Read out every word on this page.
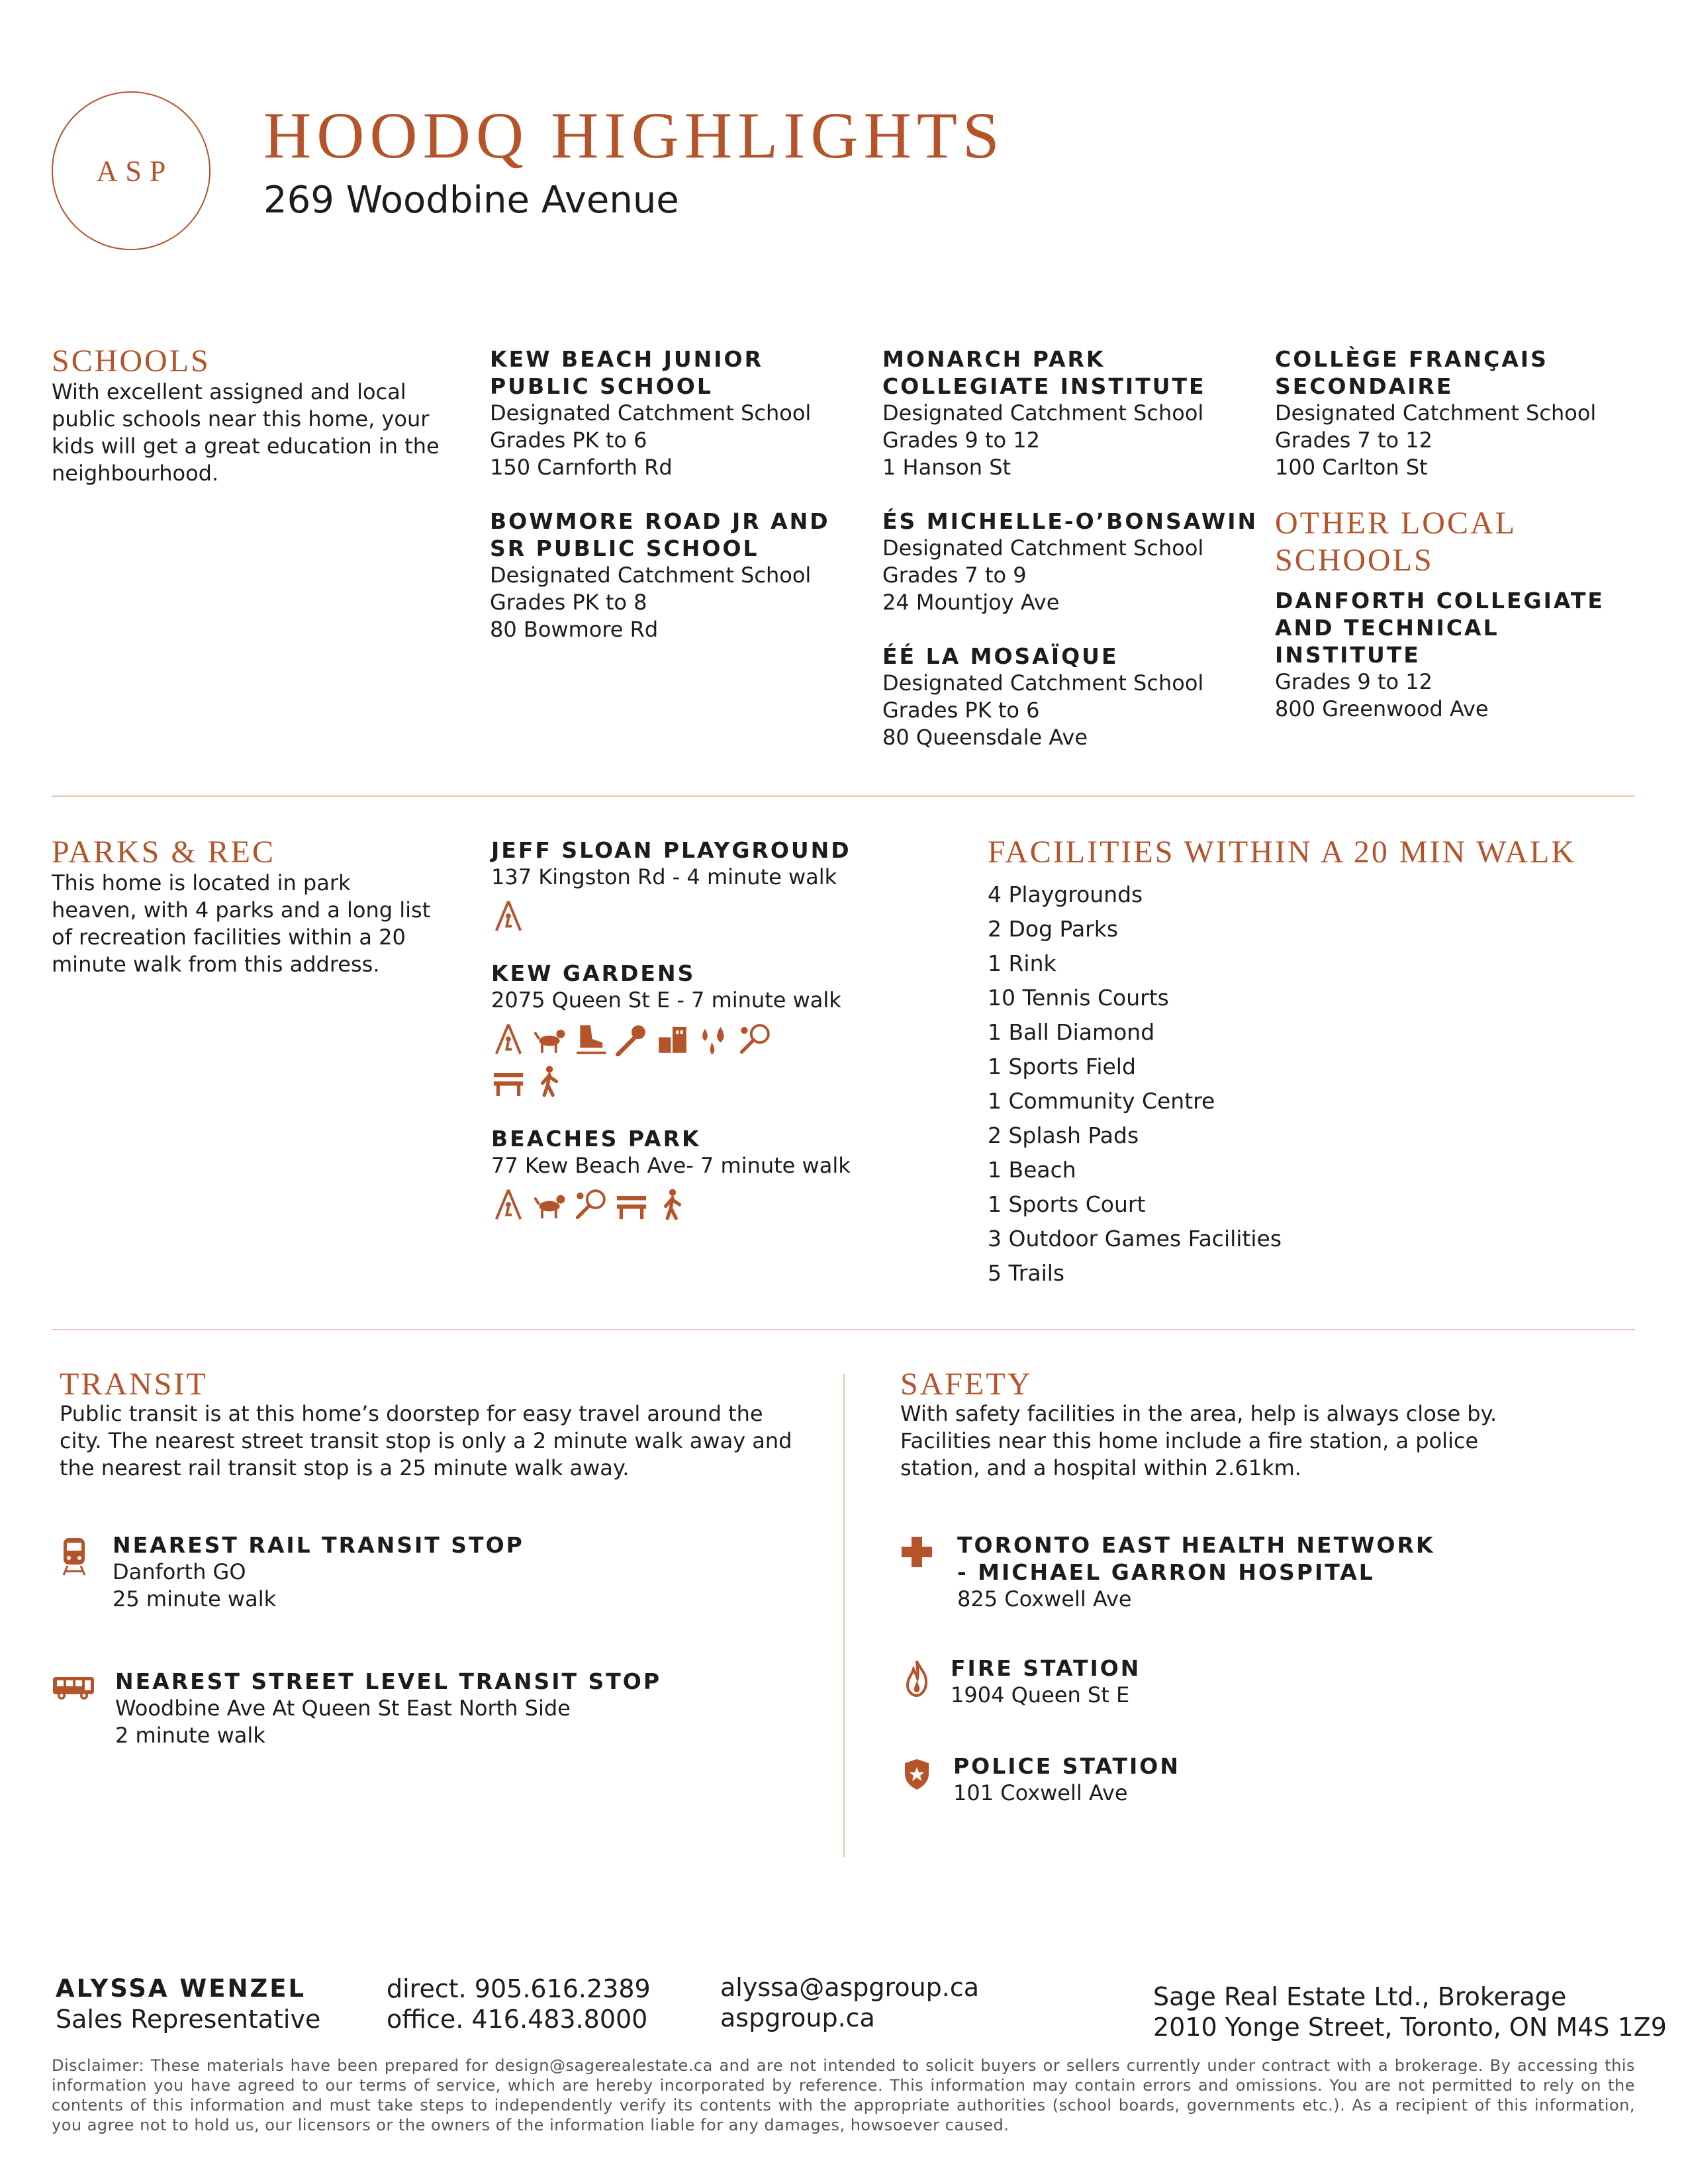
ASP HOODQ HIGHLIGHTS
269 Woodbine Avenue
SCHOOLS
With excellent assigned and local public schools near this home, your kids will get a great education in the neighbourhood.
KEW BEACH JUNIOR PUBLIC SCHOOL
Designated Catchment School
Grades PK to 6
150 Carnforth Rd
BOWMORE ROAD JR AND SR PUBLIC SCHOOL
Designated Catchment School
Grades PK to 8
80 Bowmore Rd
MONARCH PARK COLLEGIATE INSTITUTE
Designated Catchment School
Grades 9 to 12
1 Hanson St
ÉS MICHELLE-O’BONSAWIN
Designated Catchment School
Grades 7 to 9
24 Mountjoy Ave
ÉÉ LA MOSAÏQUE
Designated Catchment School
Grades PK to 6
80 Queensdale Ave
COLLÈGE FRANÇAIS SECONDAIRE
Designated Catchment School
Grades 7 to 12
100 Carlton St
OTHER LOCAL SCHOOLS
DANFORTH COLLEGIATE AND TECHNICAL INSTITUTE
Grades 9 to 12
800 Greenwood Ave
PARKS & REC
This home is located in park heaven, with 4 parks and a long list of recreation facilities within a 20 minute walk from this address.
JEFF SLOAN PLAYGROUND
137 Kingston Rd - 4 minute walk
KEW GARDENS
2075 Queen St E - 7 minute walk
BEACHES PARK
77 Kew Beach Ave- 7 minute walk
FACILITIES WITHIN A 20 MIN WALK
4 Playgrounds
2 Dog Parks
1 Rink
10 Tennis Courts
1 Ball Diamond
1 Sports Field
1 Community Centre
2 Splash Pads
1 Beach
1 Sports Court
3 Outdoor Games Facilities
5 Trails
TRANSIT
Public transit is at this home’s doorstep for easy travel around the city. The nearest street transit stop is only a 2 minute walk away and the nearest rail transit stop is a 25 minute walk away.
NEAREST RAIL TRANSIT STOP
Danforth GO
25 minute walk
NEAREST STREET LEVEL TRANSIT STOP
Woodbine Ave At Queen St East North Side
2 minute walk
SAFETY
With safety facilities in the area, help is always close by. Facilities near this home include a fire station, a police station, and a hospital within 2.61km.
TORONTO EAST HEALTH NETWORK
- MICHAEL GARRON HOSPITAL
825 Coxwell Ave
FIRE STATION
1904 Queen St E
POLICE STATION
101 Coxwell Ave
ALYSSA WENZEL
Sales Representative
direct. 905.616.2389
office. 416.483.8000
alyssa@aspgroup.ca
aspgroup.ca
Sage Real Estate Ltd., Brokerage
2010 Yonge Street, Toronto, ON M4S 1Z9
Disclaimer: These materials have been prepared for design@sagerealestate.ca and are not intended to solicit buyers or sellers currently under contract with a brokerage. By accessing this information you have agreed to our terms of service, which are hereby incorporated by reference. This information may contain errors and omissions. You are not permitted to rely on the contents of this information and must take steps to independently verify its contents with the appropriate authorities (school boards, governments etc.). As a recipient of this information, you agree not to hold us, our licensors or the owners of the information liable for any damages, howsoever caused.
